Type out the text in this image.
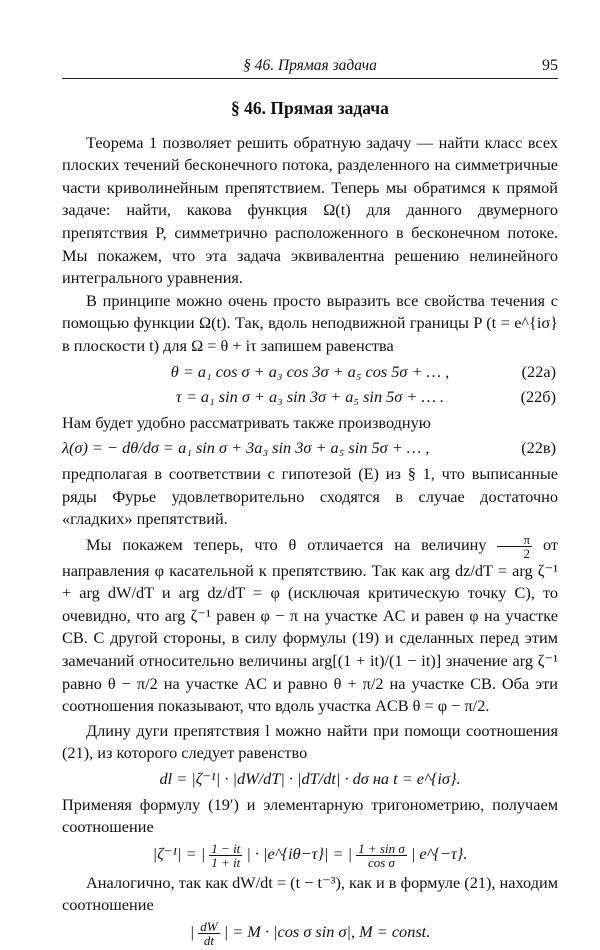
§ 46. Прямая задача	95
§ 46. Прямая задача

Теорема 1 позволяет решить обратную задачу — найти класс всех плоских течений бесконечного потока, разделенного на симметричные части криволинейным препятствием. Теперь мы обратимся к прямой задаче: найти, какова функция Ω(t) для данного двумерного препятствия P, симметрично расположенного в бесконечном потоке. Мы покажем, что эта задача эквивалентна решению нелинейного интегрального уравнения.

В принципе можно очень просто выразить все свойства течения с помощью функции Ω(t). Так, вдоль неподвижной границы P (t = e^{iσ} в плоскости t) для Ω = θ + iτ запишем равенства

θ = a₁ cos σ + a₃ cos 3σ + a₅ cos 5σ + … ,	(22а)
τ = a₁ sin σ + a₃ sin 3σ + a₅ sin 5σ + … .	(22б)

Нам будет удобно рассматривать также производную

λ(σ) = − dθ/dσ = a₁ sin σ + 3a₃ sin 3σ + a₅ sin 5σ + … ,	(22в)

предполагая в соответствии с гипотезой (Е) из § 1, что выписанные ряды Фурье удовлетворительно сходятся в случае достаточно «гладких» препятствий.

Мы покажем теперь, что θ отличается на величину $\frac{\pi}{2}$ от направления φ касательной к препятствию. Так как arg dz/dT = arg ζ⁻¹ + arg dW/dT и arg dz/dT = φ (исключая критическую точку C), то очевидно, что arg ζ⁻¹ равен φ − π на участке AC и равен φ на участке CB. С другой стороны, в силу формулы (19) и сделанных перед этим замечаний относительно величины arg[(1 + it)/(1 − it)] значение arg ζ⁻¹ равно θ − π/2 на участке AC и равно θ + π/2 на участке CB. Оба эти соотношения показывают, что вдоль участка ACB θ = φ − π/2.

Длину дуги препятствия l можно найти при помощи соотношения (21), из которого следует равенство

dl = |ζ⁻¹| · |dW/dT| · |dT/dt| · dσ на t = e^{iσ}.

Применяя формулу (19′) и элементарную тригонометрию, получаем соотношение

|ζ⁻¹| = | $\frac{1 - it}{1 + it}$ | · |e^{iθ−τ}| = | $\frac{\text{1 + sin σ}}{\text{cos σ}}$ | e^{−τ}.

Аналогично, так как dW/dt = (t − t⁻³), как и в формуле (21), находим соотношение

| $\frac{dW}{dt}$ | = M · |cos σ sin σ|, M = const.
